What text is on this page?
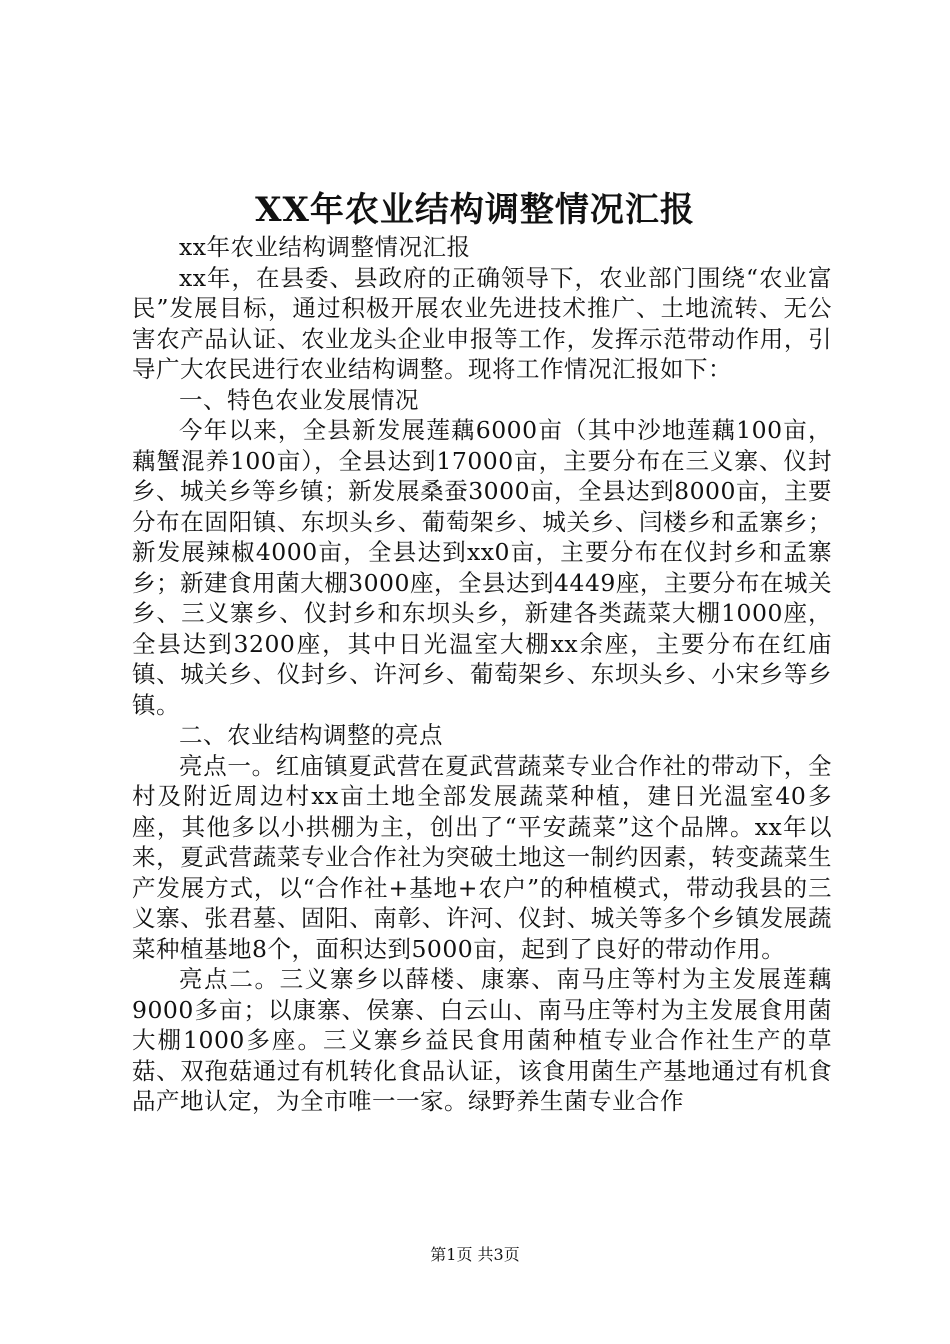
XX年农业结构调整情况汇报

xx年农业结构调整情况汇报

xx年，在县委、县政府的正确领导下，农业部门围绕“农业富民”发展目标，通过积极开展农业先进技术推广、土地流转、无公害农产品认证、农业龙头企业申报等工作，发挥示范带动作用，引导广大农民进行农业结构调整。现将工作情况汇报如下：

一、特色农业发展情况

今年以来，全县新发展莲藕6000亩（其中沙地莲藕100亩，藕蟹混养100亩），全县达到17000亩，主要分布在三义寨、仪封乡、城关乡等乡镇；新发展桑蚕3000亩，全县达到8000亩，主要分布在固阳镇、东坝头乡、葡萄架乡、城关乡、闫楼乡和孟寨乡；新发展辣椒4000亩，全县达到xx0亩，主要分布在仪封乡和孟寨乡；新建食用菌大棚3000座，全县达到4449座，主要分布在城关乡、三义寨乡、仪封乡和东坝头乡，新建各类蔬菜大棚1000座，全县达到3200座，其中日光温室大棚xx余座，主要分布在红庙镇、城关乡、仪封乡、许河乡、葡萄架乡、东坝头乡、小宋乡等乡镇。

二、农业结构调整的亮点

亮点一。红庙镇夏武营在夏武营蔬菜专业合作社的带动下，全村及附近周边村xx亩土地全部发展蔬菜种植，建日光温室40多座，其他多以小拱棚为主，创出了“平安蔬菜”这个品牌。xx年以来，夏武营蔬菜专业合作社为突破土地这一制约因素，转变蔬菜生产发展方式，以“合作社+基地+农户”的种植模式，带动我县的三义寨、张君墓、固阳、南彰、许河、仪封、城关等多个乡镇发展蔬菜种植基地8个，面积达到5000亩，起到了良好的带动作用。

亮点二。三义寨乡以薛楼、康寨、南马庄等村为主发展莲藕9000多亩；以康寨、侯寨、白云山、南马庄等村为主发展食用菌大棚1000多座。三义寨乡益民食用菌种植专业合作社生产的草菇、双孢菇通过有机转化食品认证，该食用菌生产基地通过有机食品产地认定，为全市唯一一家。绿野养生菌专业合作

第1页 共3页
